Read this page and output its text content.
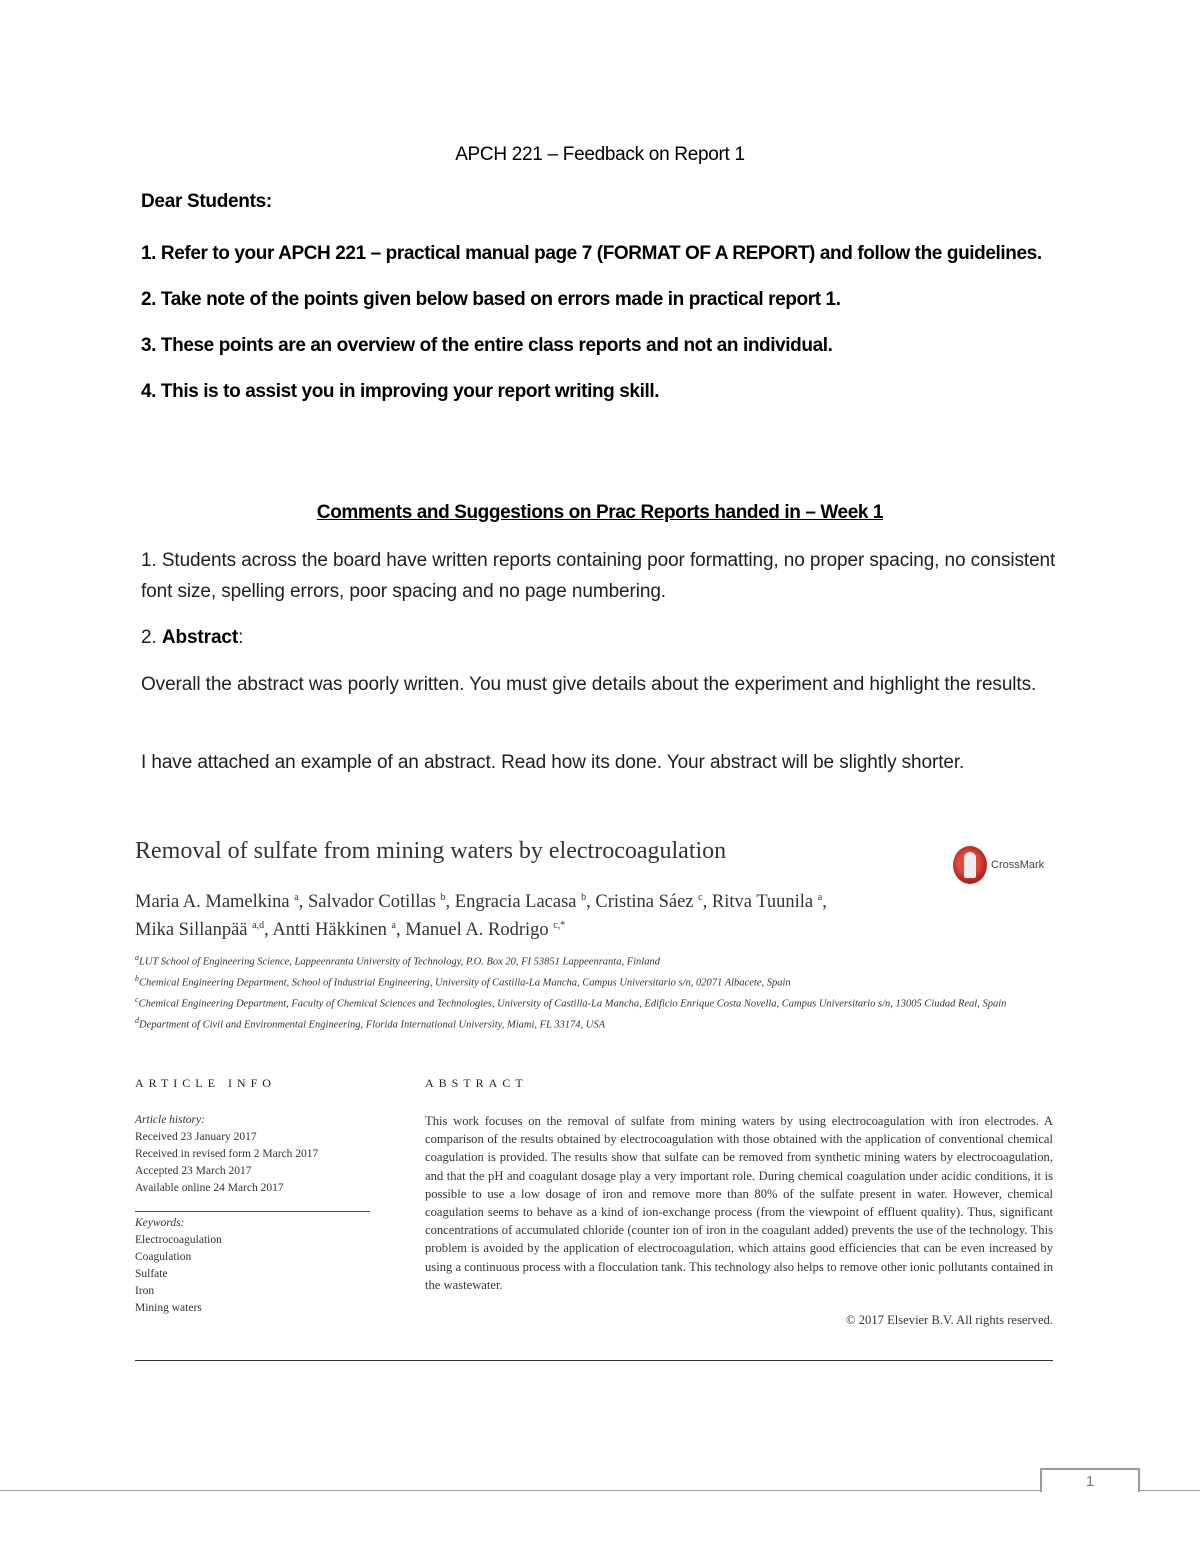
APCH 221 – Feedback on Report 1
Dear Students:
1. Refer to your APCH 221 – practical manual page 7 (FORMAT OF A REPORT) and follow the guidelines.
2. Take note of the points given below based on errors made in practical report 1.
3. These points are an overview of the entire class reports and not an individual.
4. This is to assist you in improving your report writing skill.
Comments and Suggestions on Prac Reports handed in – Week 1
1. Students across the board have written reports containing poor formatting, no proper spacing, no consistent font size, spelling errors, poor spacing and no page numbering.
2. Abstract:
Overall the abstract was poorly written. You must give details about the experiment and highlight the results.
I have attached an example of an abstract. Read how its done. Your abstract will be slightly shorter.
Removal of sulfate from mining waters by electrocoagulation
CrossMark
Maria A. Mamelkina $^a$, Salvador Cotillas $^b$, Engracia Lacasa $^b$, Cristina Sáez $^c$, Ritva Tuunila $^a$,
Mika Sillanpää $^{a,d}$, Antti Häkkinen $^a$, Manuel A. Rodrigo $^{c,*}$
$^a$LUT School of Engineering Science, Lappeenranta University of Technology, P.O. Box 20, FI 53851 Lappeenranta, Finland
$^b$Chemical Engineering Department, School of Industrial Engineering, University of Castilla-La Mancha, Campus Universitario s/n, 02071 Albacete, Spain
$^c$Chemical Engineering Department, Faculty of Chemical Sciences and Technologies, University of Castilla-La Mancha, Edificio Enrique Costa Novella, Campus Universitario s/n, 13005 Ciudad Real, Spain
$^d$Department of Civil and Environmental Engineering, Florida International University, Miami, FL 33174, USA
ARTICLE INFO	ABSTRACT
Article history:
Received 23 January 2017
Received in revised form 2 March 2017
Accepted 23 March 2017
Available online 24 March 2017
Keywords:
Electrocoagulation
Coagulation
Sulfate
Iron
Mining waters
This work focuses on the removal of sulfate from mining waters by using electrocoagulation with iron electrodes. A comparison of the results obtained by electrocoagulation with those obtained with the application of conventional chemical coagulation is provided. The results show that sulfate can be removed from synthetic mining waters by electrocoagulation, and that the pH and coagulant dosage play a very important role. During chemical coagulation under acidic conditions, it is possible to use a low dosage of iron and remove more than 80% of the sulfate present in water. However, chemical coagulation seems to behave as a kind of ion-exchange process (from the viewpoint of effluent quality). Thus, significant concentrations of accumulated chloride (counter ion of iron in the coagulant added) prevents the use of the technology. This problem is avoided by the application of electrocoagulation, which attains good efficiencies that can be even increased by using a continuous process with a flocculation tank. This technology also helps to remove other ionic pollutants contained in the wastewater.
© 2017 Elsevier B.V. All rights reserved.
1
